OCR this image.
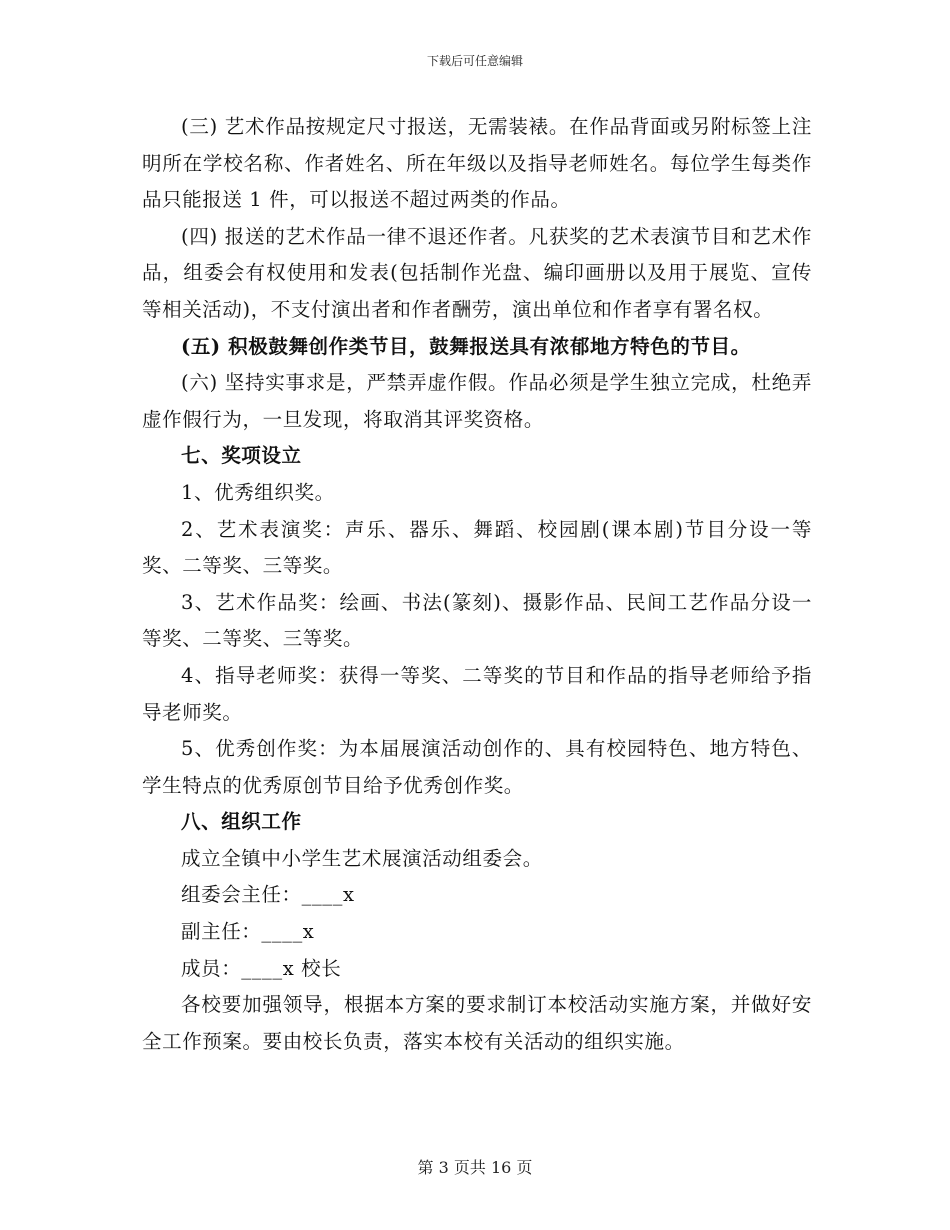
下载后可任意编辑

(三) 艺术作品按规定尺寸报送，无需装裱。在作品背面或另附标签上注明所在学校名称、作者姓名、所在年级以及指导老师姓名。每位学生每类作品只能报送 1 件，可以报送不超过两类的作品。

(四) 报送的艺术作品一律不退还作者。凡获奖的艺术表演节目和艺术作品，组委会有权使用和发表(包括制作光盘、编印画册以及用于展览、宣传等相关活动)，不支付演出者和作者酬劳，演出单位和作者享有署名权。

(五) 积极鼓舞创作类节目，鼓舞报送具有浓郁地方特色的节目。

(六) 坚持实事求是，严禁弄虚作假。作品必须是学生独立完成，杜绝弄虚作假行为，一旦发现，将取消其评奖资格。

七、奖项设立

1、优秀组织奖。

2、艺术表演奖：声乐、器乐、舞蹈、校园剧(课本剧)节目分设一等奖、二等奖、三等奖。

3、艺术作品奖：绘画、书法(篆刻)、摄影作品、民间工艺作品分设一等奖、二等奖、三等奖。

4、指导老师奖：获得一等奖、二等奖的节目和作品的指导老师给予指导老师奖。

5、优秀创作奖：为本届展演活动创作的、具有校园特色、地方特色、学生特点的优秀原创节目给予优秀创作奖。

八、组织工作

成立全镇中小学生艺术展演活动组委会。

组委会主任：____x

副主任：____x

成员：____x 校长

各校要加强领导，根据本方案的要求制订本校活动实施方案，并做好安全工作预案。要由校长负责，落实本校有关活动的组织实施。

第 3 页共 16 页
